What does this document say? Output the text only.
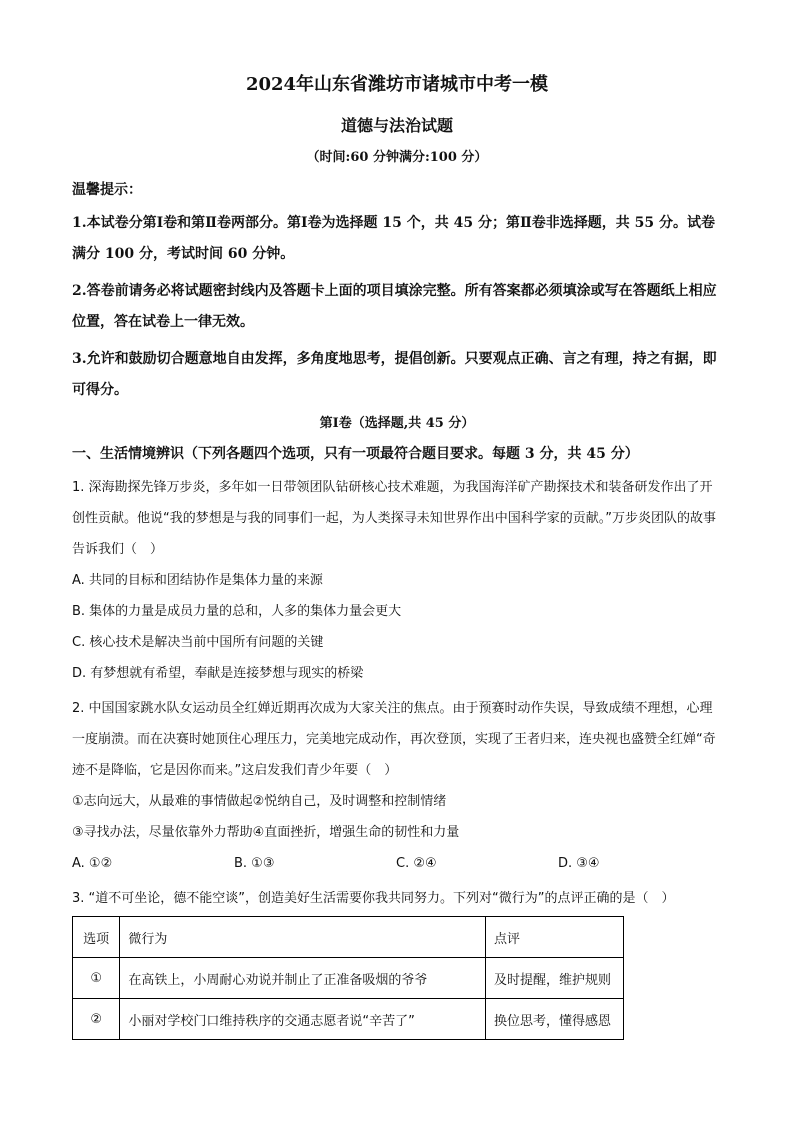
2024年山东省潍坊市诸城市中考一模
道德与法治试题

（时间:60 分钟满分:100 分）

温馨提示：

1.本试卷分第Ⅰ卷和第Ⅱ卷两部分。第Ⅰ卷为选择题 15 个，共 45 分；第Ⅱ卷非选择题，共 55 分。试卷满分 100 分，考试时间 60 分钟。

2.答卷前请务必将试题密封线内及答题卡上面的项目填涂完整。所有答案都必须填涂或写在答题纸上相应位置，答在试卷上一律无效。

3.允许和鼓励切合题意地自由发挥，多角度地思考，提倡创新。只要观点正确、言之有理，持之有据，即可得分。

第Ⅰ卷（选择题,共 45 分）

一、生活情境辨识（下列各题四个选项，只有一项最符合题目要求。每题 3 分，共 45 分）

1. 深海勘探先锋万步炎，多年如一日带领团队钻研核心技术难题，为我国海洋矿产勘探技术和装备研发作出了开创性贡献。他说“我的梦想是与我的同事们一起，为人类探寻未知世界作出中国科学家的贡献。”万步炎团队的故事告诉我们（　）

A. 共同的目标和团结协作是集体力量的来源

B. 集体的力量是成员力量的总和，人多的集体力量会更大

C. 核心技术是解决当前中国所有问题的关键

D. 有梦想就有希望，奉献是连接梦想与现实的桥梁

2. 中国国家跳水队女运动员全红婵近期再次成为大家关注的焦点。由于预赛时动作失误，导致成绩不理想，心理一度崩溃。而在决赛时她顶住心理压力，完美地完成动作，再次登顶，实现了王者归来，连央视也盛赞全红婵“奇迹不是降临，它是因你而来。”这启发我们青少年要（　）

①志向远大，从最难的事情做起②悦纳自己，及时调整和控制情绪

③寻找办法，尽量依靠外力帮助④直面挫折，增强生命的韧性和力量

A. ①②	B. ①③	C. ②④	D. ③④

3. “道不可坐论，德不能空谈”，创造美好生活需要你我共同努力。下列对“微行为”的点评正确的是（　）

选项	微行为	点评
①	在高铁上，小周耐心劝说并制止了正准备吸烟的爷爷	及时提醒，维护规则
②	小丽对学校门口维持秩序的交通志愿者说“辛苦了”	换位思考，懂得感恩
